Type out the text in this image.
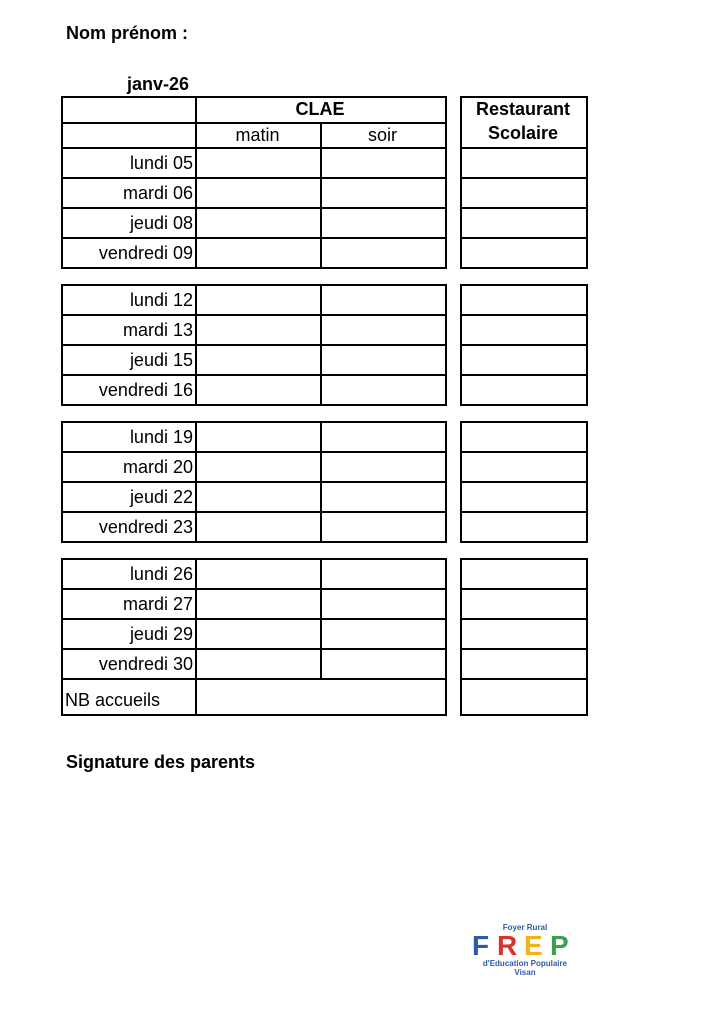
Nom prénom :
janv-26
CLAE
matin	soir
Restaurant
Scolaire
lundi 05
mardi 06
jeudi 08
vendredi 09
lundi 12
mardi 13
jeudi 15
vendredi 16
lundi 19
mardi 20
jeudi 22
vendredi 23
lundi 26
mardi 27
jeudi 29
vendredi 30
NB accueils
Signature des parents
Foyer Rural
F R E P
d'Education Populaire
Visan
